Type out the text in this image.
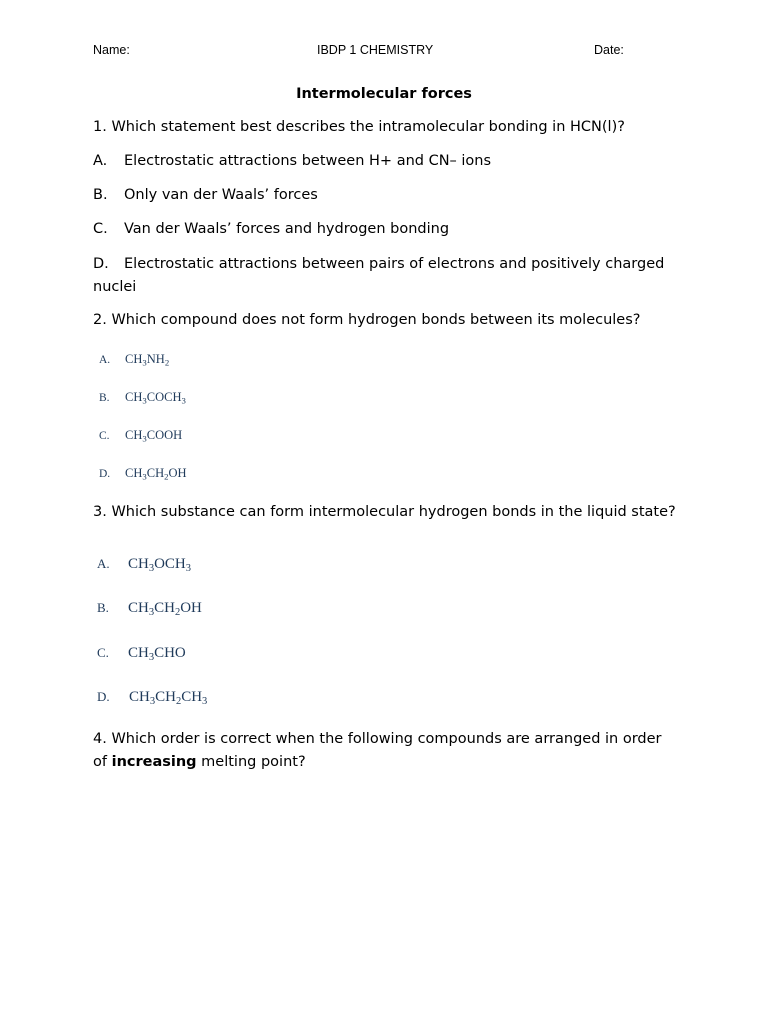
Name:	IBDP 1 CHEMISTRY	Date:
Intermolecular forces
1. Which statement best describes the intramolecular bonding in HCN(l)?
A. Electrostatic attractions between H+ and CN– ions
B. Only van der Waals’ forces
C. Van der Waals’ forces and hydrogen bonding
D. Electrostatic attractions between pairs of electrons and positively charged
nuclei
2. Which compound does not form hydrogen bonds between its molecules?
A. $CH_3NH_2$
B. $CH_3COCH_3$
C. $CH_3COOH$
D. $CH_3CH_2OH$
3. Which substance can form intermolecular hydrogen bonds in the liquid state?
A. $CH_3OCH_3$
B. $CH_3CH_2OH$
C. $CH_3CHO$
D. $CH_3CH_2CH_3$
4. Which order is correct when the following compounds are arranged in order
of increasing melting point?
